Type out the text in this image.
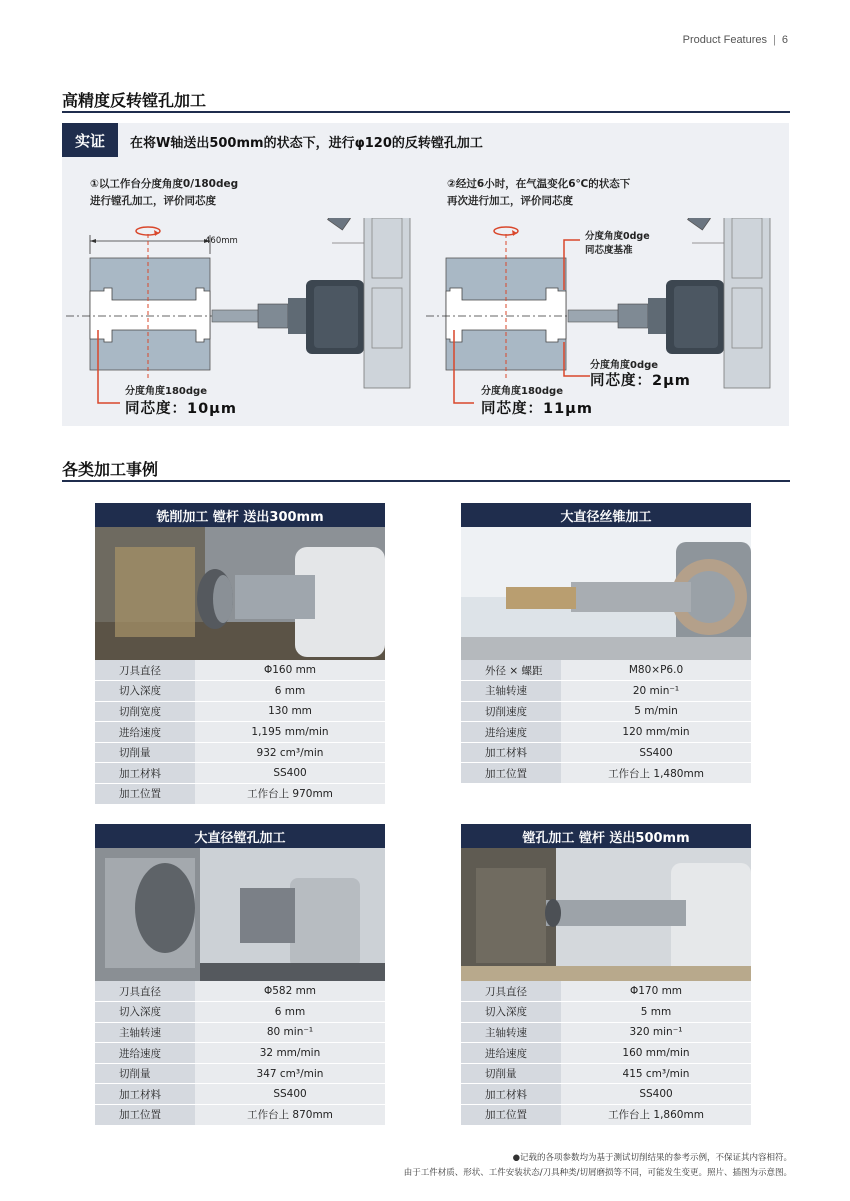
Product Features | 6
高精度反转镗孔加工
实证	在将W轴送出500mm的状态下，进行φ120的反转镗孔加工
①以工作台分度角度0/180deg
进行镗孔加工，评价同芯度
②经过6小时，在气温变化6℃的状态下
再次进行加工，评价同芯度
460mm
分度角度180dge
同芯度：10μm
分度角度0dge
同芯度基准
分度角度0dge
同芯度：2μm
分度角度180dge
同芯度：11μm
各类加工事例
铣削加工 镗杆 送出300mm
刀具直径	Φ160 mm
切入深度	6 mm
切削宽度	130 mm
进给速度	1,195 mm/min
切削量	932 cm³/min
加工材料	SS400
加工位置	工作台上 970mm
大直径丝锥加工
外径 × 螺距	M80×P6.0
主轴转速	20 min⁻¹
切削速度	5 m/min
进给速度	120 mm/min
加工材料	SS400
加工位置	工作台上 1,480mm
大直径镗孔加工
刀具直径	Φ582 mm
切入深度	6 mm
主轴转速	80 min⁻¹
进给速度	32 mm/min
切削量	347 cm³/min
加工材料	SS400
加工位置	工作台上 870mm
镗孔加工 镗杆 送出500mm
刀具直径	Φ170 mm
切入深度	5 mm
主轴转速	320 min⁻¹
进给速度	160 mm/min
切削量	415 cm³/min
加工材料	SS400
加工位置	工作台上 1,860mm
●记载的各项参数均为基于测试切削结果的参考示例，不保证其内容相符。
由于工件材质、形状、工件安装状态/刀具种类/切屑磨损等不同，可能发生变更。照片、插图为示意图。
